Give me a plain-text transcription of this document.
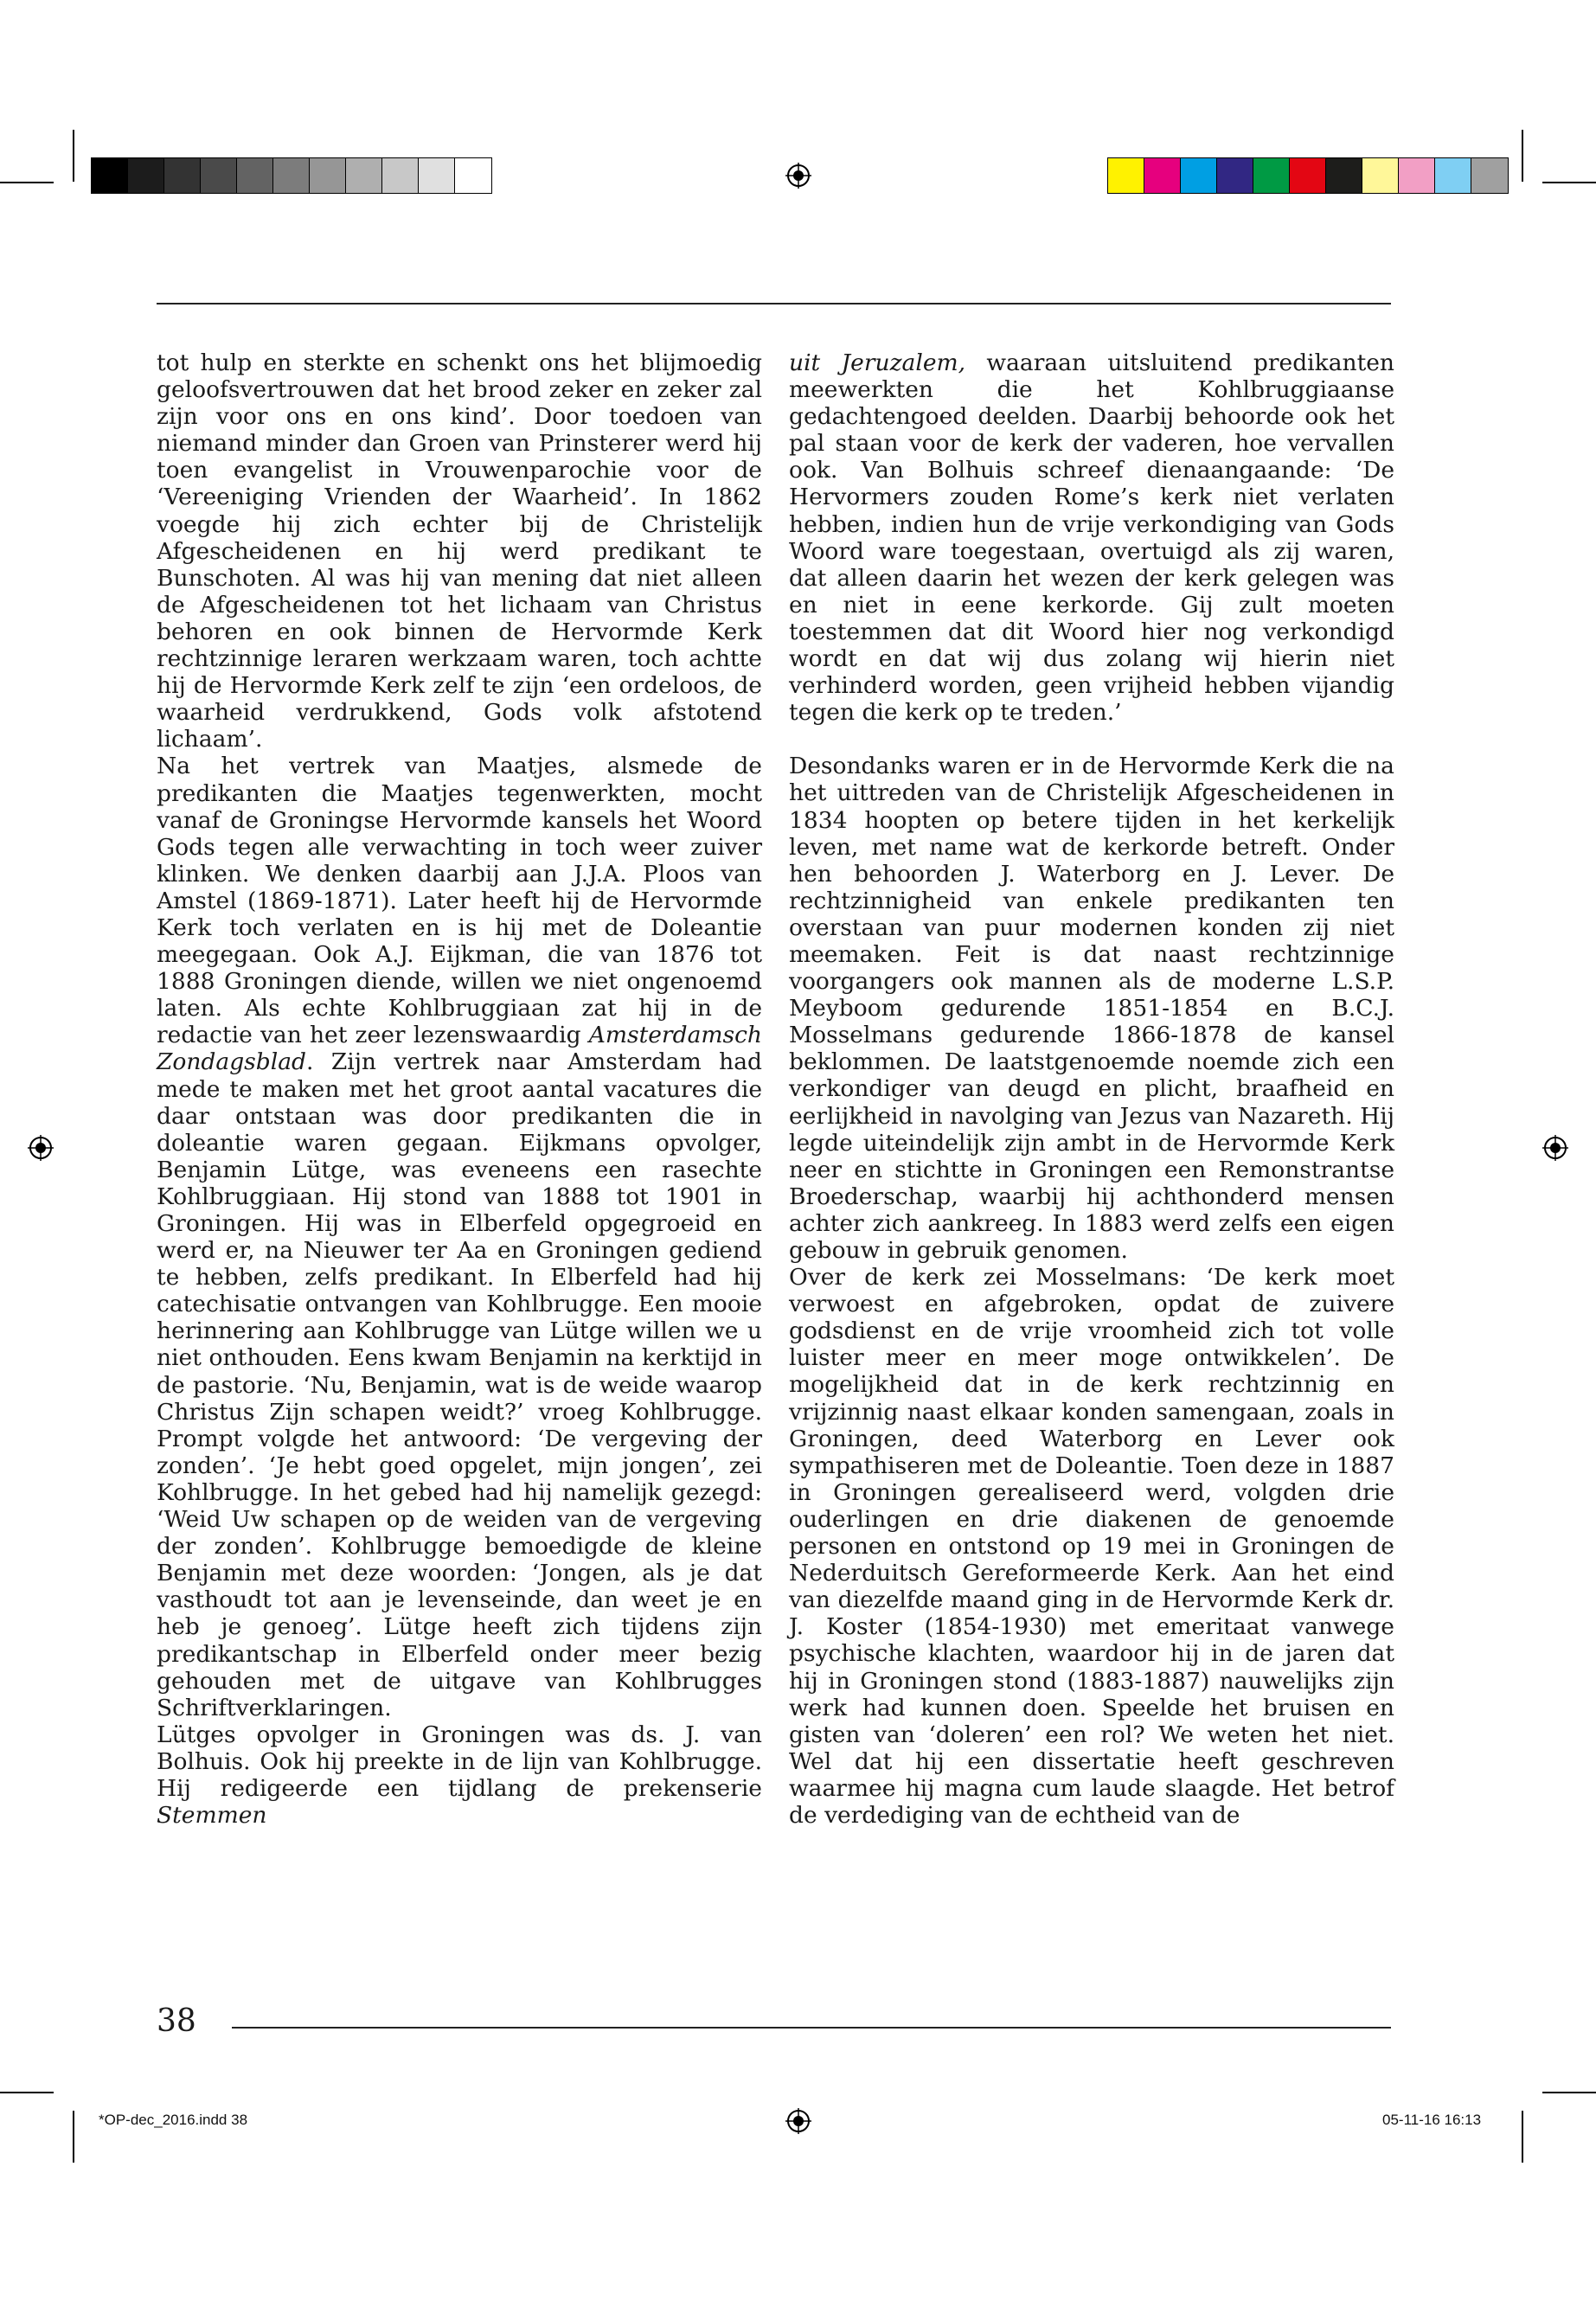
tot hulp en sterkte en schenkt ons het blijmoedig geloofsvertrouwen dat het brood zeker en zeker zal zijn voor ons en ons kind’. Door toedoen van niemand minder dan Groen van Prinsterer werd hij toen evangelist in Vrouwenparochie voor de ‘Vereeniging Vrienden der Waarheid’. In 1862 voegde hij zich echter bij de Christelijk Afgescheidenen en hij werd predikant te Bunschoten. Al was hij van mening dat niet alleen de Afgescheidenen tot het lichaam van Christus behoren en ook binnen de Hervormde Kerk rechtzinnige leraren werkzaam waren, toch achtte hij de Hervormde Kerk zelf te zijn ‘een ordeloos, de waarheid verdrukkend, Gods volk afstotend lichaam’.

Na het vertrek van Maatjes, alsmede de predikanten die Maatjes tegenwerkten, mocht vanaf de Groningse Hervormde kansels het Woord Gods tegen alle verwachting in toch weer zuiver klinken. We denken daarbij aan J.J.A. Ploos van Amstel (1869-1871). Later heeft hij de Hervormde Kerk toch verlaten en is hij met de Doleantie meegegaan. Ook A.J. Eijkman, die van 1876 tot 1888 Groningen diende, willen we niet ongenoemd laten. Als echte Kohlbruggiaan zat hij in de redactie van het zeer lezenswaardig Amsterdamsch Zondagsblad. Zijn vertrek naar Amsterdam had mede te maken met het groot aantal vacatures die daar ontstaan was door predikanten die in doleantie waren gegaan. Eijkmans opvolger, Benjamin Lütge, was eveneens een rasechte Kohlbruggiaan. Hij stond van 1888 tot 1901 in Groningen. Hij was in Elberfeld opgegroeid en werd er, na Nieuwer ter Aa en Groningen gediend te hebben, zelfs predikant. In Elberfeld had hij catechisatie ontvangen van Kohlbrugge. Een mooie herinnering aan Kohlbrugge van Lütge willen we u niet onthouden. Eens kwam Benjamin na kerktijd in de pastorie. ‘Nu, Benjamin, wat is de weide waarop Christus Zijn schapen weidt?’ vroeg Kohlbrugge. Prompt volgde het antwoord: ‘De vergeving der zonden’. ‘Je hebt goed opgelet, mijn jongen’, zei Kohlbrugge. In het gebed had hij namelijk gezegd: ‘Weid Uw schapen op de weiden van de vergeving der zonden’. Kohlbrugge bemoedigde de kleine Benjamin met deze woorden: ‘Jongen, als je dat vasthoudt tot aan je levenseinde, dan weet je en heb je genoeg’. Lütge heeft zich tijdens zijn predikantschap in Elberfeld onder meer bezig gehouden met de uitgave van Kohlbrugges Schriftverklaringen.

Lütges opvolger in Groningen was ds. J. van Bolhuis. Ook hij preekte in de lijn van Kohlbrugge. Hij redigeerde een tijdlang de prekenserie Stemmen

uit Jeruzalem, waaraan uitsluitend predikanten meewerkten die het Kohlbruggiaanse gedachtengoed deelden. Daarbij behoorde ook het pal staan voor de kerk der vaderen, hoe vervallen ook. Van Bolhuis schreef dienaangaande: ‘De Hervormers zouden Rome’s kerk niet verlaten hebben, indien hun de vrije verkondiging van Gods Woord ware toegestaan, overtuigd als zij waren, dat alleen daarin het wezen der kerk gelegen was en niet in eene kerkorde. Gij zult moeten toestemmen dat dit Woord hier nog verkondigd wordt en dat wij dus zolang wij hierin niet verhinderd worden, geen vrijheid hebben vijandig tegen die kerk op te treden.’

Desondanks waren er in de Hervormde Kerk die na het uittreden van de Christelijk Afgescheidenen in 1834 hoopten op betere tijden in het kerkelijk leven, met name wat de kerkorde betreft. Onder hen behoorden J. Waterborg en J. Lever. De rechtzinnigheid van enkele predikanten ten overstaan van puur modernen konden zij niet meemaken. Feit is dat naast rechtzinnige voorgangers ook mannen als de moderne L.S.P. Meyboom gedurende 1851-1854 en B.C.J. Mosselmans gedurende 1866-1878 de kansel beklommen. De laatstgenoemde noemde zich een verkondiger van deugd en plicht, braafheid en eerlijkheid in navolging van Jezus van Nazareth. Hij legde uiteindelijk zijn ambt in de Hervormde Kerk neer en stichtte in Groningen een Remonstrantse Broederschap, waarbij hij achthonderd mensen achter zich aankreeg. In 1883 werd zelfs een eigen gebouw in gebruik genomen.

Over de kerk zei Mosselmans: ‘De kerk moet verwoest en afgebroken, opdat de zuivere godsdienst en de vrije vroomheid zich tot volle luister meer en meer moge ontwikkelen’. De mogelijkheid dat in de kerk rechtzinnig en vrijzinnig naast elkaar konden samengaan, zoals in Groningen, deed Waterborg en Lever ook sympathiseren met de Doleantie. Toen deze in 1887 in Groningen gerealiseerd werd, volgden drie ouderlingen en drie diakenen de genoemde personen en ontstond op 19 mei in Groningen de Nederduitsch Gereformeerde Kerk. Aan het eind van diezelfde maand ging in de Hervormde Kerk dr. J. Koster (1854-1930) met emeritaat vanwege psychische klachten, waardoor hij in de jaren dat hij in Groningen stond (1883-1887) nauwelijks zijn werk had kunnen doen. Speelde het bruisen en gisten van ‘doleren’ een rol? We weten het niet. Wel dat hij een dissertatie heeft geschreven waarmee hij magna cum laude slaagde. Het betrof de verdediging van de echtheid van de

38
*OP-dec_2016.indd 38	05-11-16 16:13
